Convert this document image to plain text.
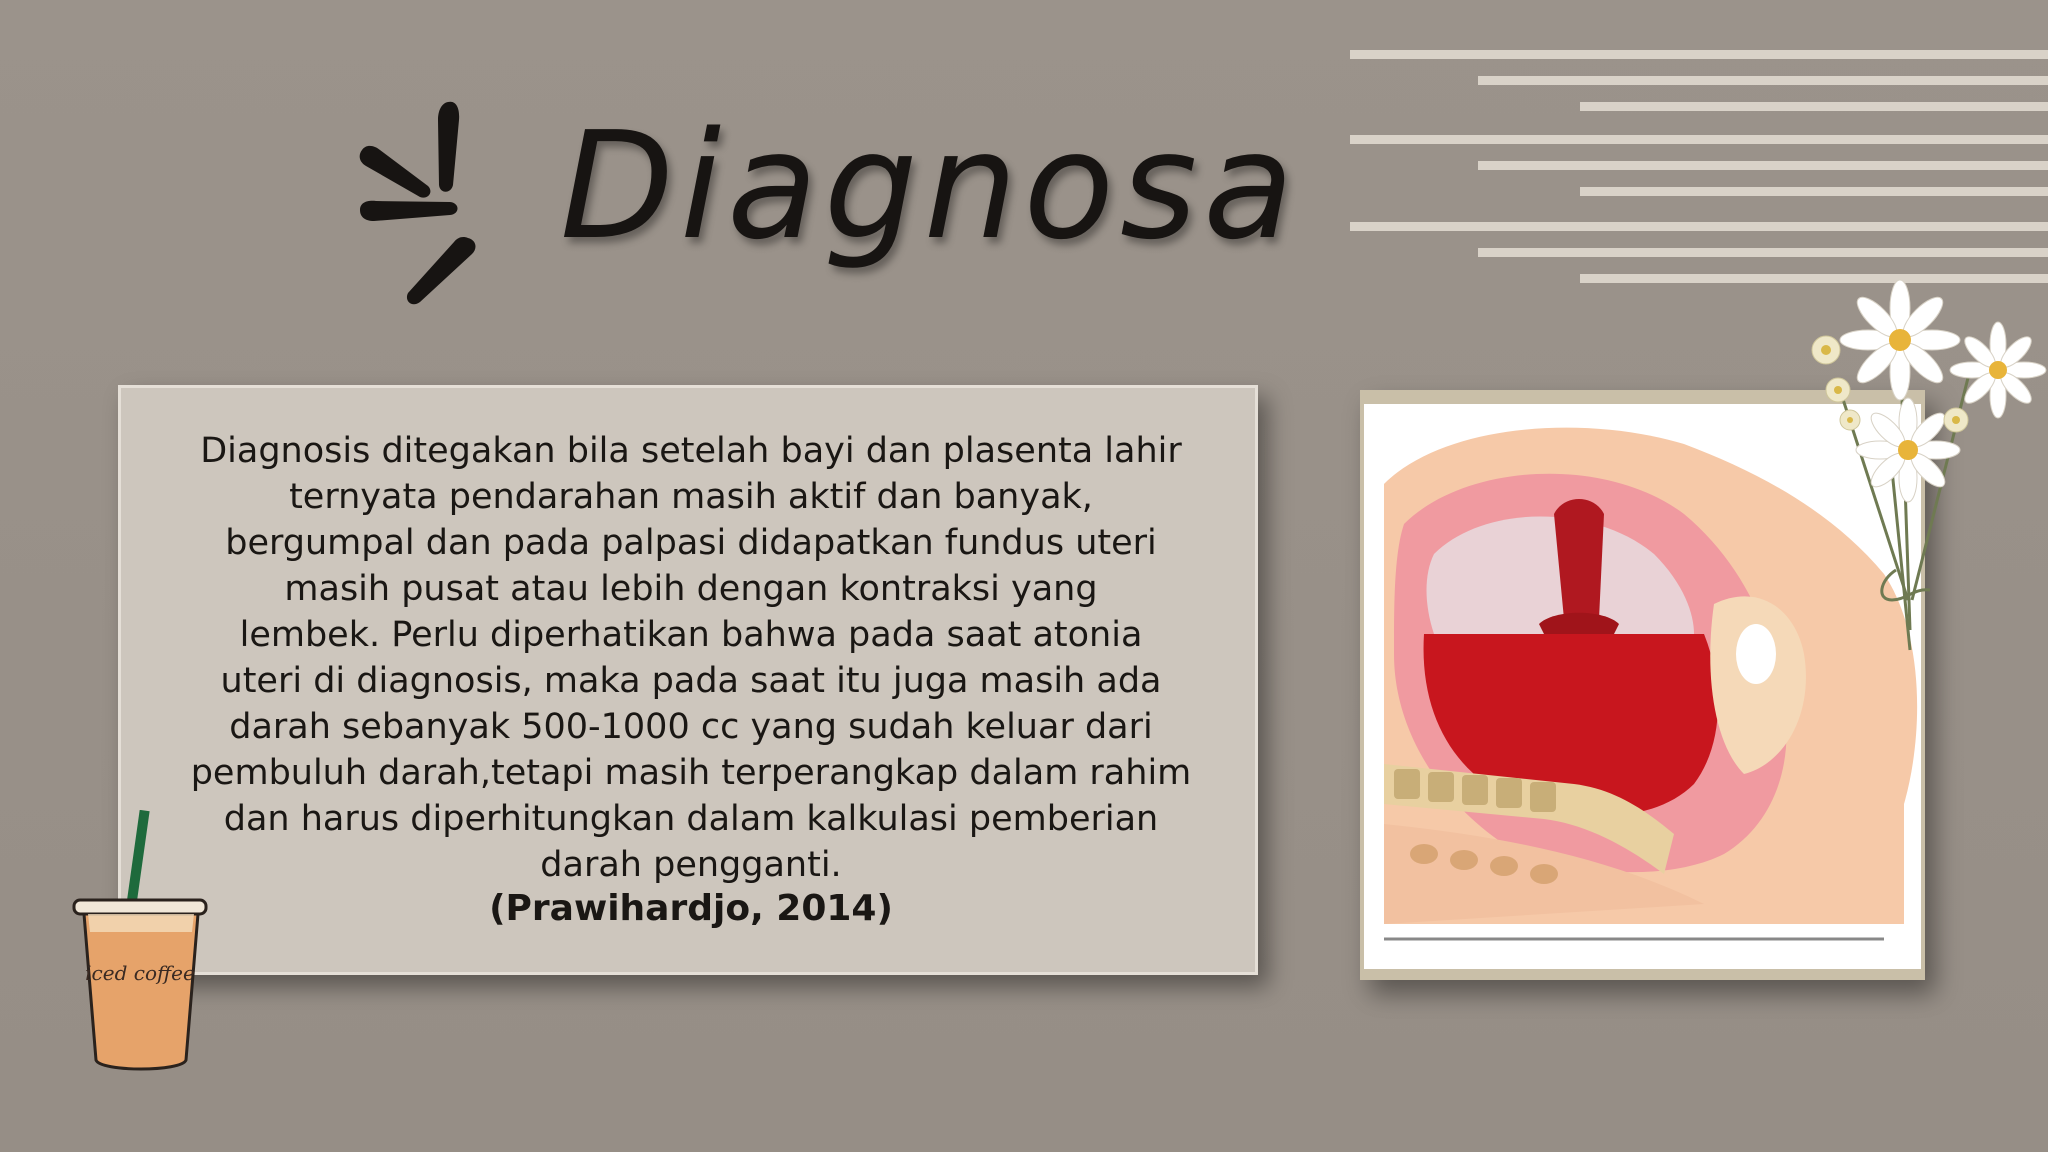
Diagnosa
Diagnosis ditegakan bila setelah bayi dan plasenta lahir
ternyata pendarahan masih aktif dan banyak,
bergumpal dan pada palpasi didapatkan fundus uteri
masih pusat atau lebih dengan kontraksi yang
lembek. Perlu diperhatikan bahwa pada saat atonia
uteri di diagnosis, maka pada saat itu juga masih ada
darah sebanyak 500-1000 cc yang sudah keluar dari
pembuluh darah,tetapi masih terperangkap dalam rahim
dan harus diperhitungkan dalam kalkulasi pemberian
darah pengganti.
(Prawihardjo, 2014)
iced coffee
